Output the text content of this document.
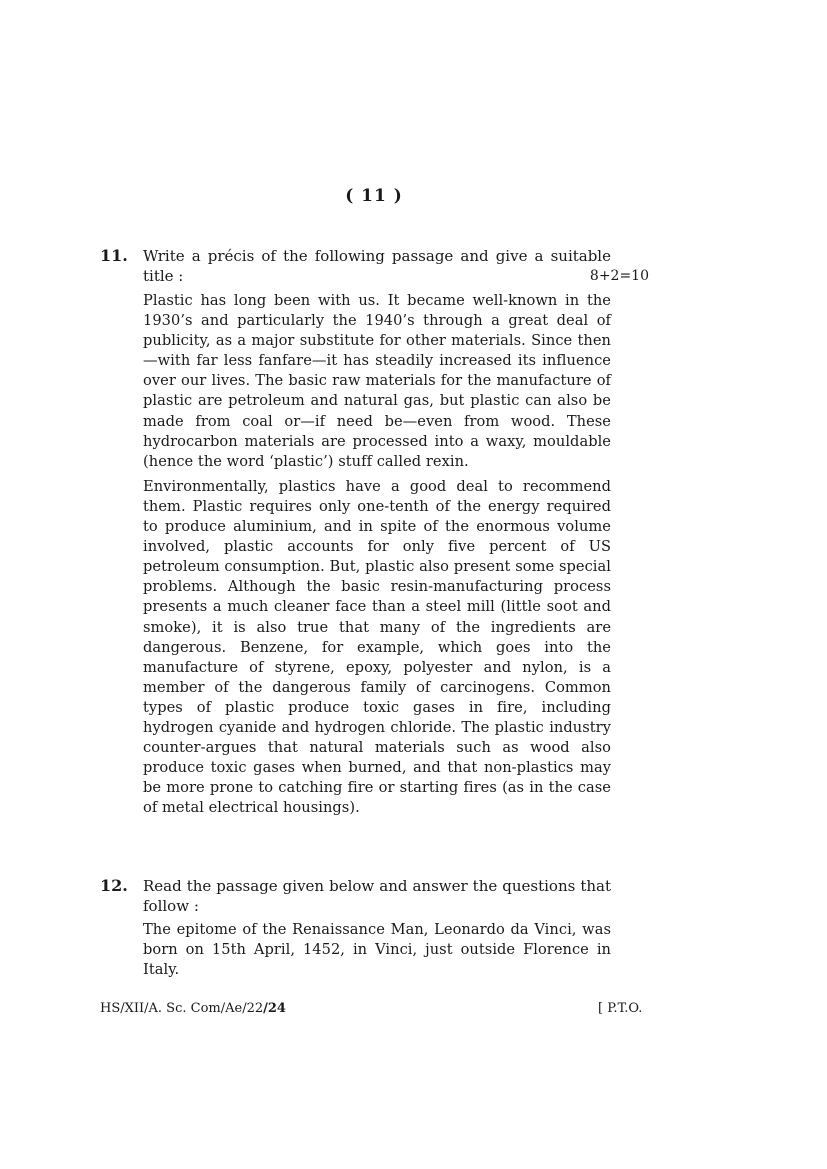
( 11 )
11. Write a précis of the following passage and give a suitable title :	8+2=10

Plastic has long been with us. It became well-known in the 1930’s and particularly the 1940’s through a great deal of publicity, as a major substitute for other materials. Since then—with far less fanfare—it has steadily increased its influence over our lives. The basic raw materials for the manufacture of plastic are petroleum and natural gas, but plastic can also be made from coal or—if need be—even from wood. These hydrocarbon materials are processed into a waxy, mouldable (hence the word ‘plastic’) stuff called rexin.

Environmentally, plastics have a good deal to recommend them. Plastic requires only one-tenth of the energy required to produce aluminium, and in spite of the enormous volume involved, plastic accounts for only five percent of US petroleum consumption. But, plastic also present some special problems. Although the basic resin-manufacturing process presents a much cleaner face than a steel mill (little soot and smoke), it is also true that many of the ingredients are dangerous. Benzene, for example, which goes into the manufacture of styrene, epoxy, polyester and nylon, is a member of the dangerous family of carcinogens. Common types of plastic produce toxic gases in fire, including hydrogen cyanide and hydrogen chloride. The plastic industry counter-argues that natural materials such as wood also produce toxic gases when burned, and that non-plastics may be more prone to catching fire or starting fires (as in the case of metal electrical housings).

12. Read the passage given below and answer the questions that follow :

The epitome of the Renaissance Man, Leonardo da Vinci, was born on 15th April, 1452, in Vinci, just outside Florence in Italy.

HS/XII/A. Sc. Com/Ae/22/24	[ P.T.O.
